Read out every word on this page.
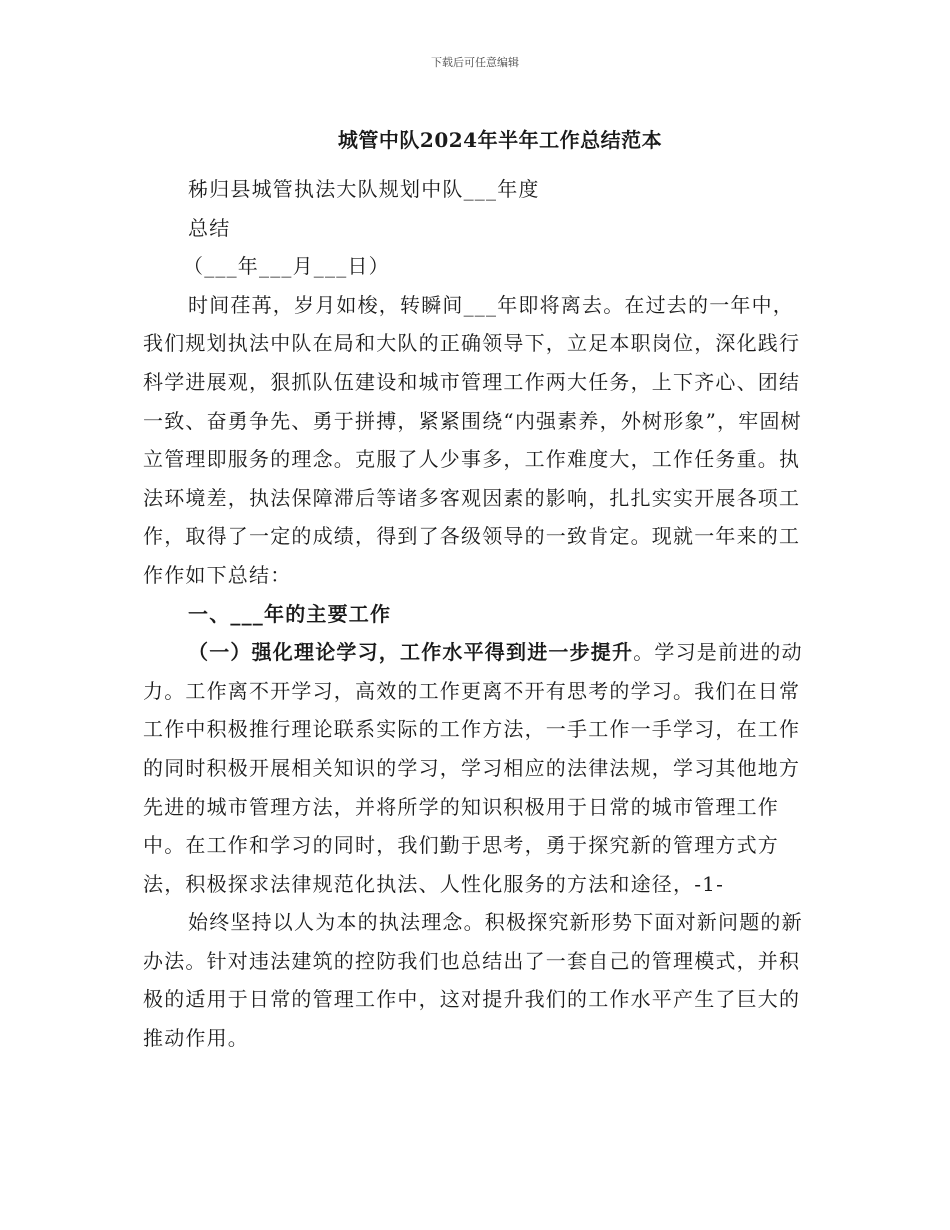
下载后可任意编辑
城管中队2024年半年工作总结范本

秭归县城管执法大队规划中队___年度

总结

（___年___月___日）

时间荏苒，岁月如梭，转瞬间___年即将离去。在过去的一年中，我们规划执法中队在局和大队的正确领导下，立足本职岗位，深化践行科学进展观，狠抓队伍建设和城市管理工作两大任务，上下齐心、团结一致、奋勇争先、勇于拼搏，紧紧围绕“内强素养，外树形象”，牢固树立管理即服务的理念。克服了人少事多，工作难度大，工作任务重。执法环境差，执法保障滞后等诸多客观因素的影响，扎扎实实开展各项工作，取得了一定的成绩，得到了各级领导的一致肯定。现就一年来的工作作如下总结：

一、___年的主要工作

（一）强化理论学习，工作水平得到进一步提升。学习是前进的动力。工作离不开学习，高效的工作更离不开有思考的学习。我们在日常工作中积极推行理论联系实际的工作方法，一手工作一手学习，在工作的同时积极开展相关知识的学习，学习相应的法律法规，学习其他地方先进的城市管理方法，并将所学的知识积极用于日常的城市管理工作中。在工作和学习的同时，我们勤于思考，勇于探究新的管理方式方法，积极探求法律规范化执法、人性化服务的方法和途径，-1-

始终坚持以人为本的执法理念。积极探究新形势下面对新问题的新办法。针对违法建筑的控防我们也总结出了一套自己的管理模式，并积极的适用于日常的管理工作中，这对提升我们的工作水平产生了巨大的推动作用。
